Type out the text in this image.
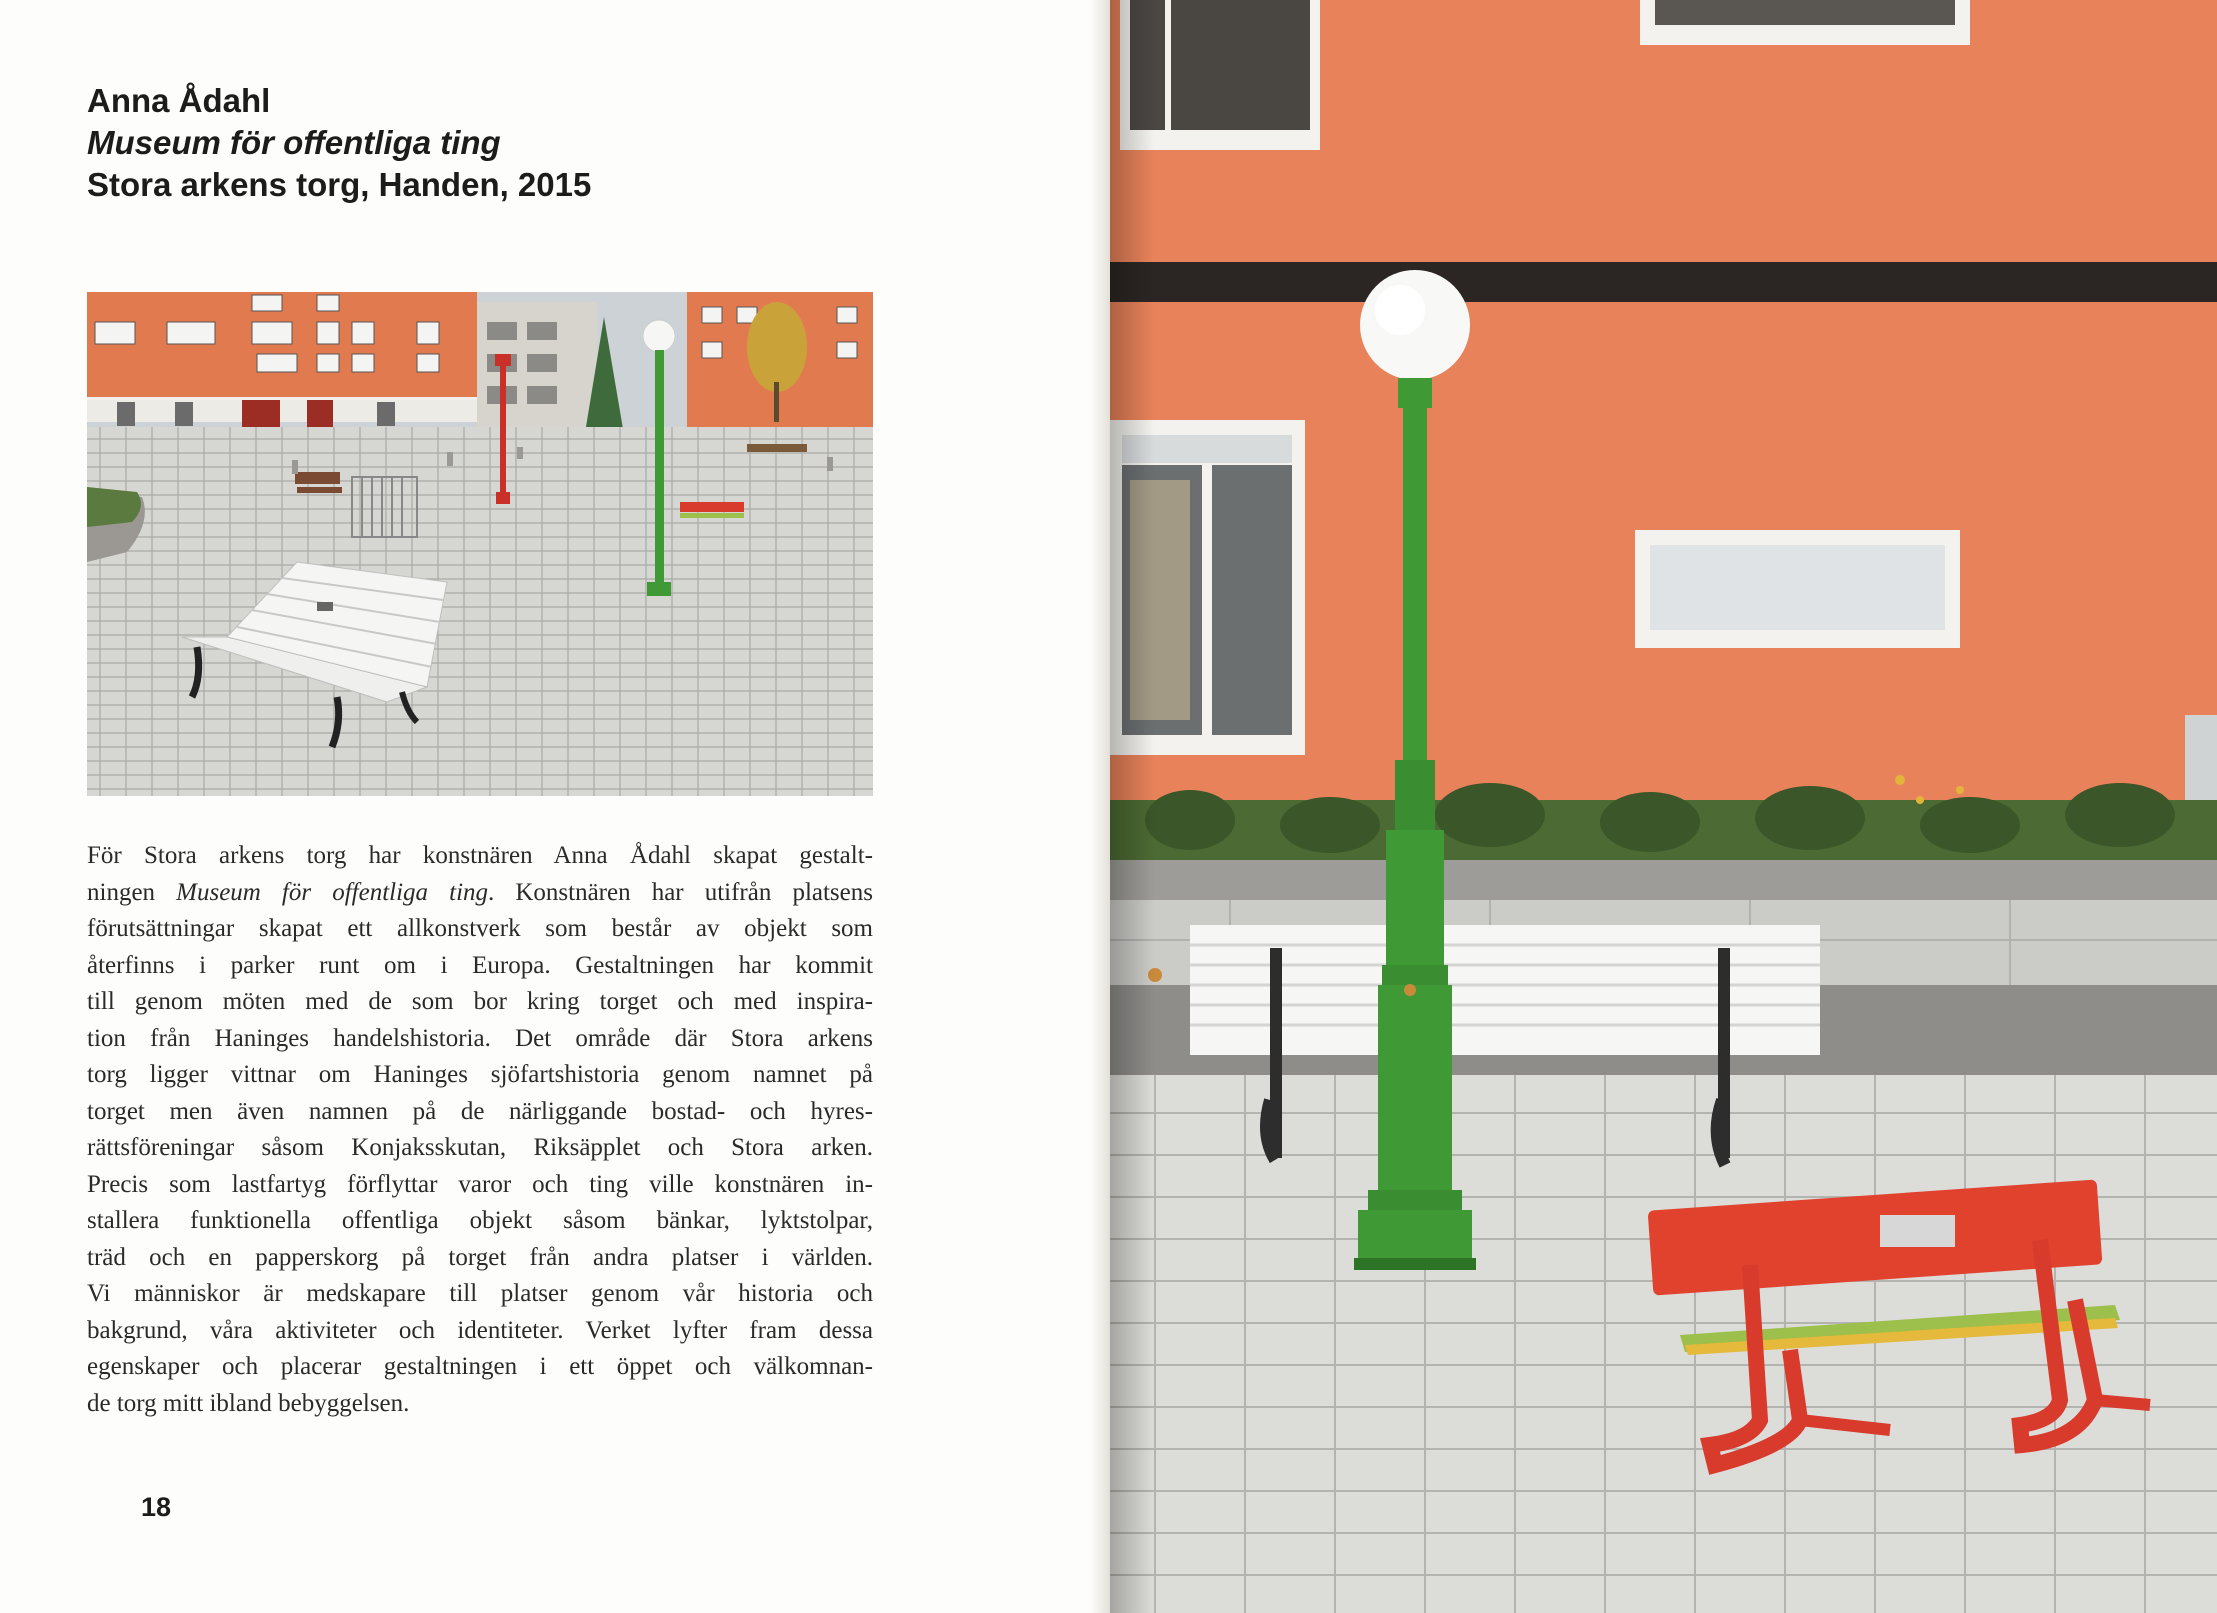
Anna Ådahl
Museum för offentliga ting
Stora arkens torg, Handen, 2015

För Stora arkens torg har konstnären Anna Ådahl skapat gestalt-

ningen Museum för offentliga ting. Konstnären har utifrån platsens

förutsättningar skapat ett allkonstverk som består av objekt som

återfinns i parker runt om i Europa. Gestaltningen har kommit

till genom möten med de som bor kring torget och med inspira-

tion från Haninges handelshistoria. Det område där Stora arkens

torg ligger vittnar om Haninges sjöfartshistoria genom namnet på

torget men även namnen på de närliggande bostad- och hyres-

rättsföreningar såsom Konjaksskutan, Riksäpplet och Stora arken.

Precis som lastfartyg förflyttar varor och ting ville konstnären in-

stallera funktionella offentliga objekt såsom bänkar, lyktstolpar,

träd och en papperskorg på torget från andra platser i världen.

Vi människor är medskapare till platser genom vår historia och

bakgrund, våra aktiviteter och identiteter. Verket lyfter fram dessa

egenskaper och placerar gestaltningen i ett öppet och välkomnan-

de torg mitt ibland bebyggelsen.

18
